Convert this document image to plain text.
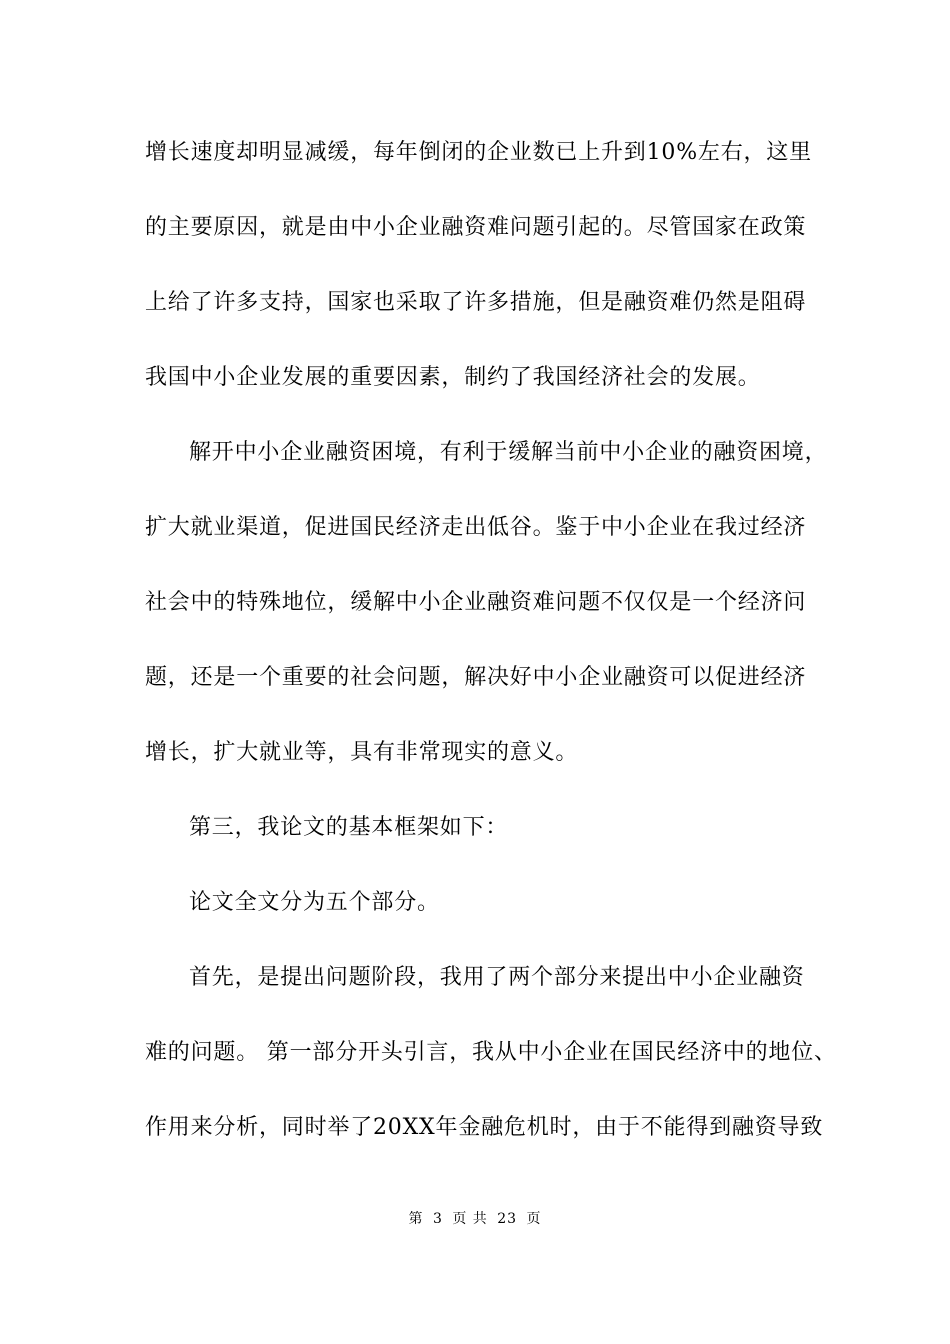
增长速度却明显减缓，每年倒闭的企业数已上升到10%左右，这里
的主要原因，就是由中小企业融资难问题引起的。尽管国家在政策
上给了许多支持，国家也采取了许多措施，但是融资难仍然是阻碍
我国中小企业发展的重要因素，制约了我国经济社会的发展。
解开中小企业融资困境，有利于缓解当前中小企业的融资困境，
扩大就业渠道，促进国民经济走出低谷。鉴于中小企业在我过经济
社会中的特殊地位，缓解中小企业融资难问题不仅仅是一个经济问
题，还是一个重要的社会问题，解决好中小企业融资可以促进经济
增长，扩大就业等，具有非常现实的意义。
第三，我论文的基本框架如下：
论文全文分为五个部分。
首先，是提出问题阶段，我用了两个部分来提出中小企业融资
难的问题。 第一部分开头引言，我从中小企业在国民经济中的地位、
作用来分析，同时举了20XX年金融危机时，由于不能得到融资导致
第 3 页 共 23 页
